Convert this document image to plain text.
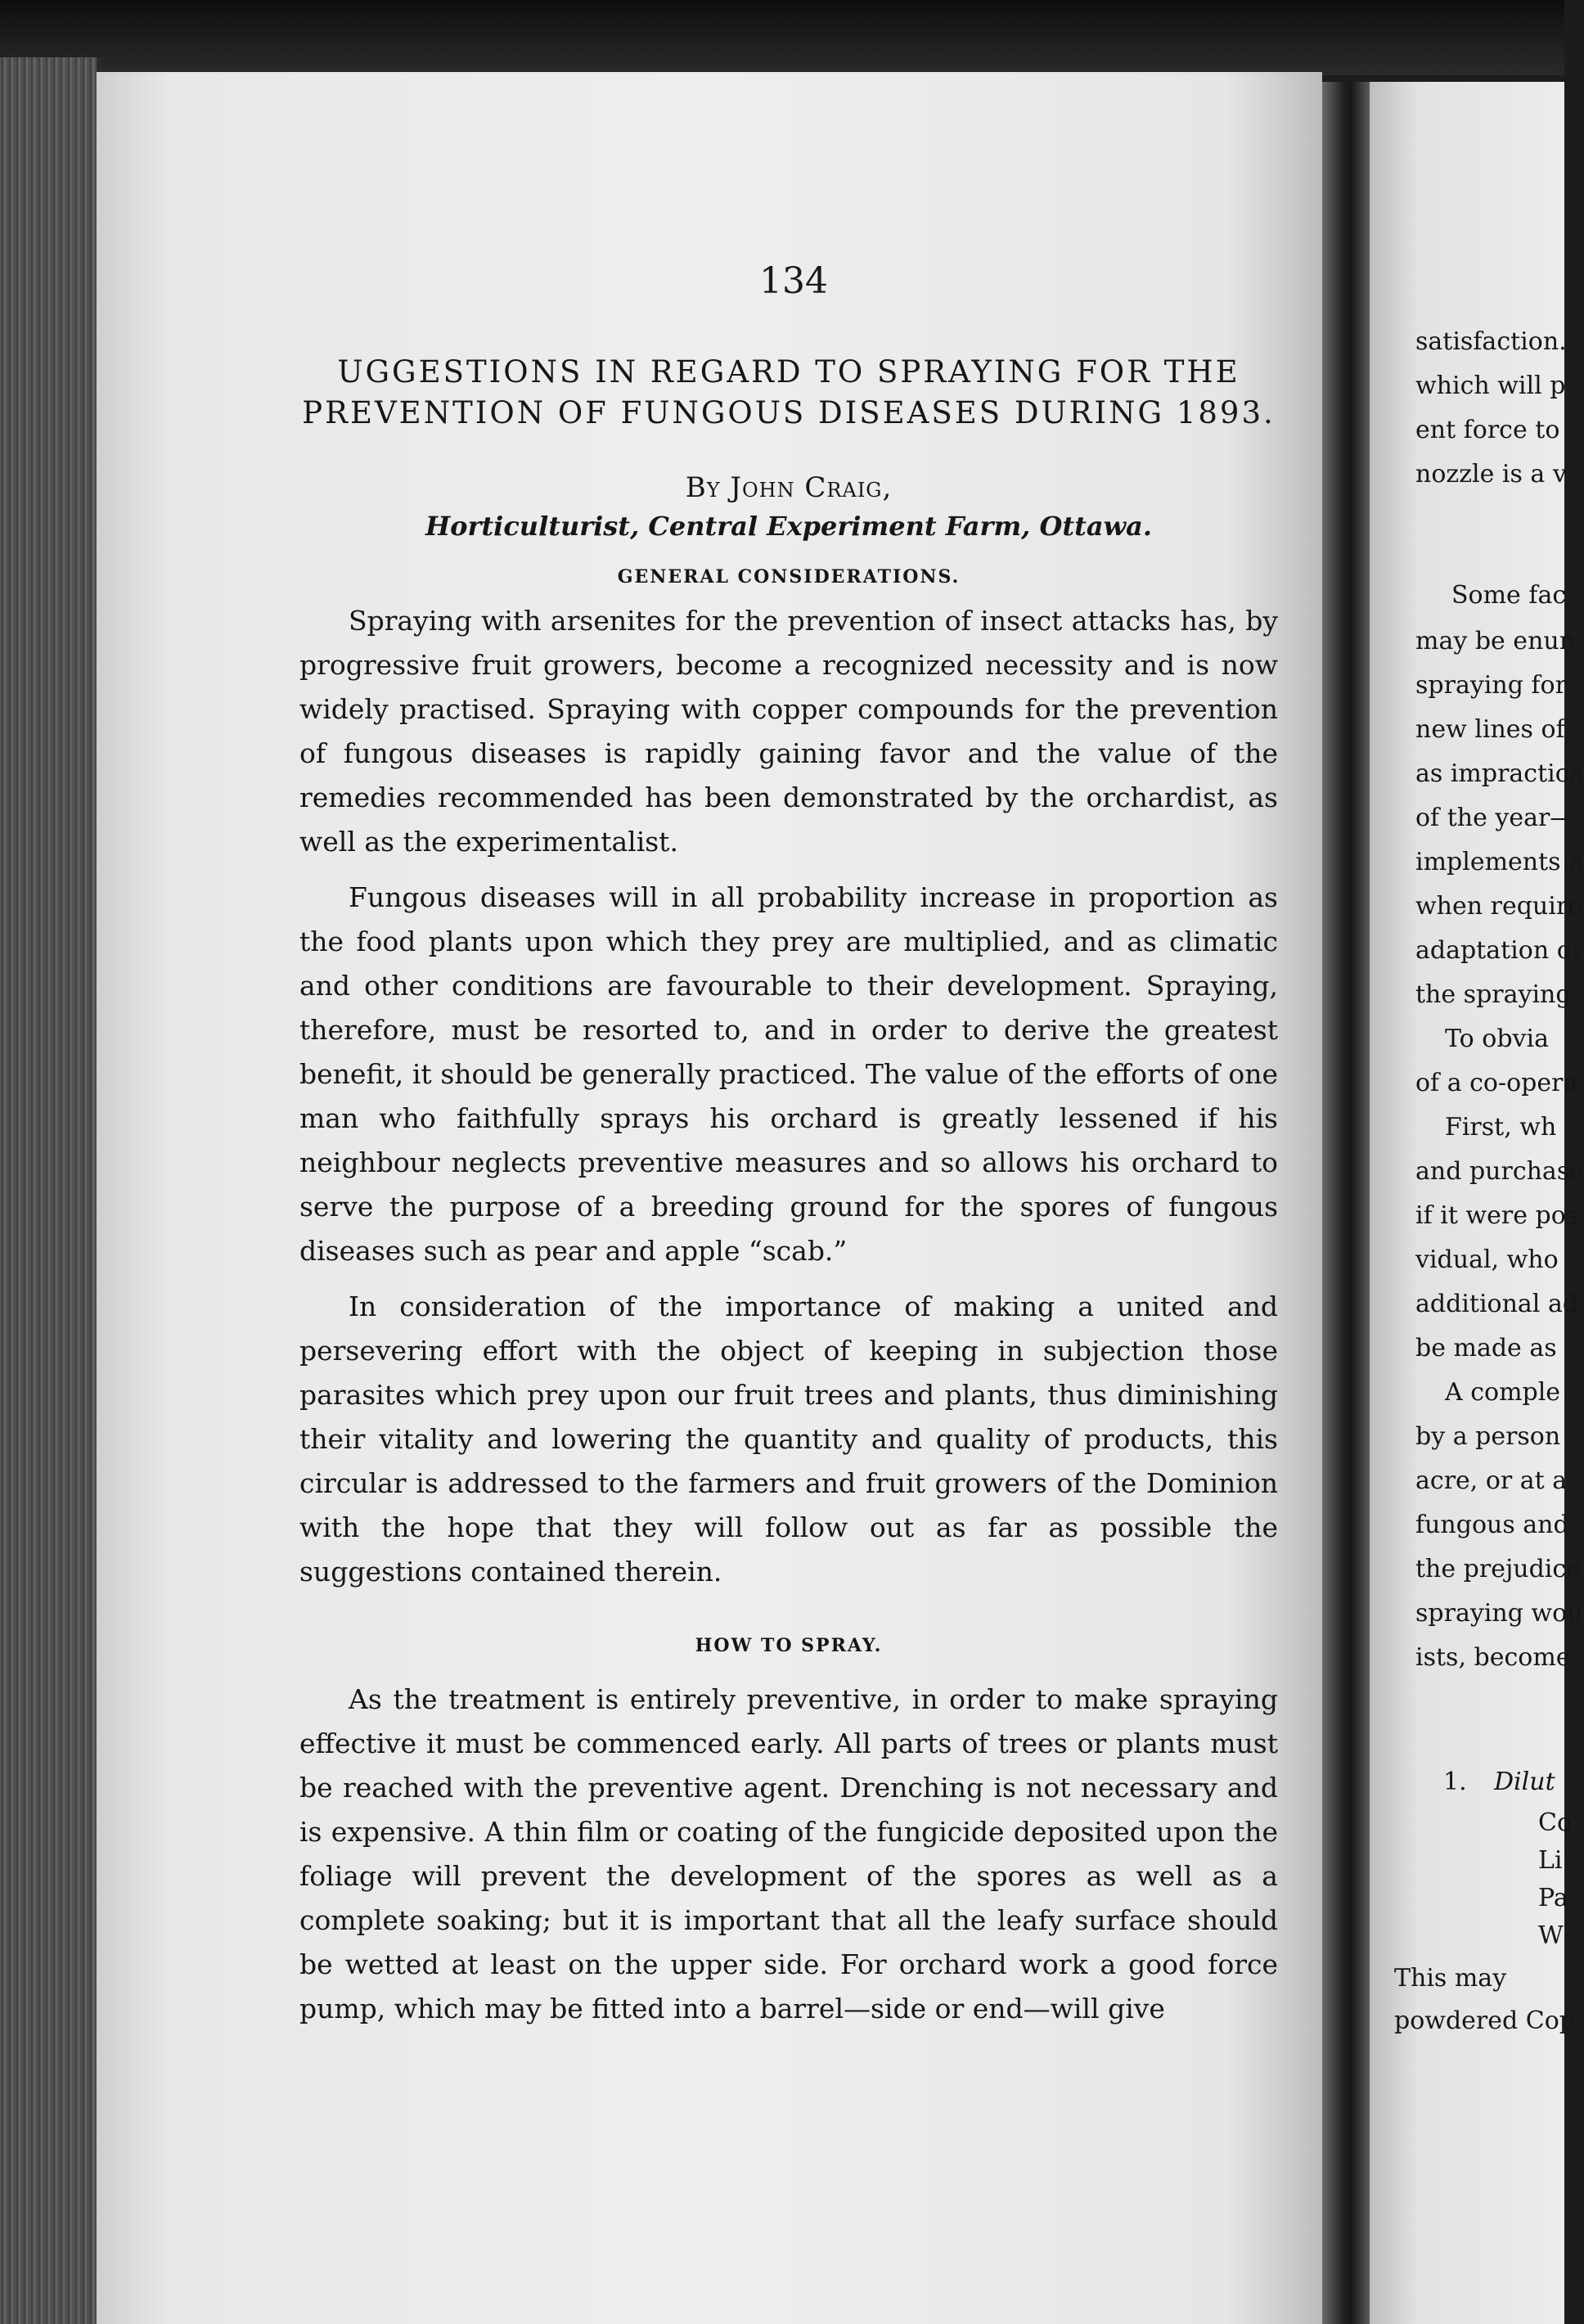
satisfaction.
which will p
ent force to
nozzle is a v
Some fac
may be enun
spraying for
new lines of
as impractica
of the year—
implements a
when require
adaptation or
the spraying
To obvia
of a co-opera
First, wh
and purchase
if it were pos
vidual, who
additional ad
be made as
A comple
by a person
acre, or at a
fungous and
the prejudice
spraying wou
ists, become
1. Dilut
Co
Li
Pa
W
This may
powdered Cop
134
UGGESTIONS IN REGARD TO SPRAYING FOR THE
PREVENTION OF FUNGOUS DISEASES DURING 1893.

By John Craig,

Horticulturist, Central Experiment Farm, Ottawa.

GENERAL CONSIDERATIONS.

Spraying with arsenites for the prevention of insect attacks has, by progressive fruit growers, become a recognized necessity and is now widely practised. Spraying with copper compounds for the prevention of fungous diseases is rapidly gaining favor and the value of the remedies recommended has been demonstrated by the orchardist, as well as the experimentalist.

Fungous diseases will in all probability increase in proportion as the food plants upon which they prey are multiplied, and as climatic and other conditions are favourable to their development. Spraying, therefore, must be resorted to, and in order to derive the greatest benefit, it should be generally practiced. The value of the efforts of one man who faithfully sprays his orchard is greatly lessened if his neighbour neglects preventive measures and so allows his orchard to serve the purpose of a breeding ground for the spores of fungous diseases such as pear and apple “scab.”

In consideration of the importance of making a united and persevering effort with the object of keeping in subjection those parasites which prey upon our fruit trees and plants, thus diminishing their vitality and lowering the quantity and quality of products, this circular is addressed to the farmers and fruit growers of the Dominion with the hope that they will follow out as far as possible the suggestions contained therein.

HOW TO SPRAY.

As the treatment is entirely preventive, in order to make spraying effective it must be commenced early. All parts of trees or plants must be reached with the preventive agent. Drenching is not necessary and is expensive. A thin film or coating of the fungicide deposited upon the foliage will prevent the development of the spores as well as a complete soaking; but it is important that all the leafy surface should be wetted at least on the upper side. For orchard work a good force pump, which may be fitted into a barrel—side or end—will give
